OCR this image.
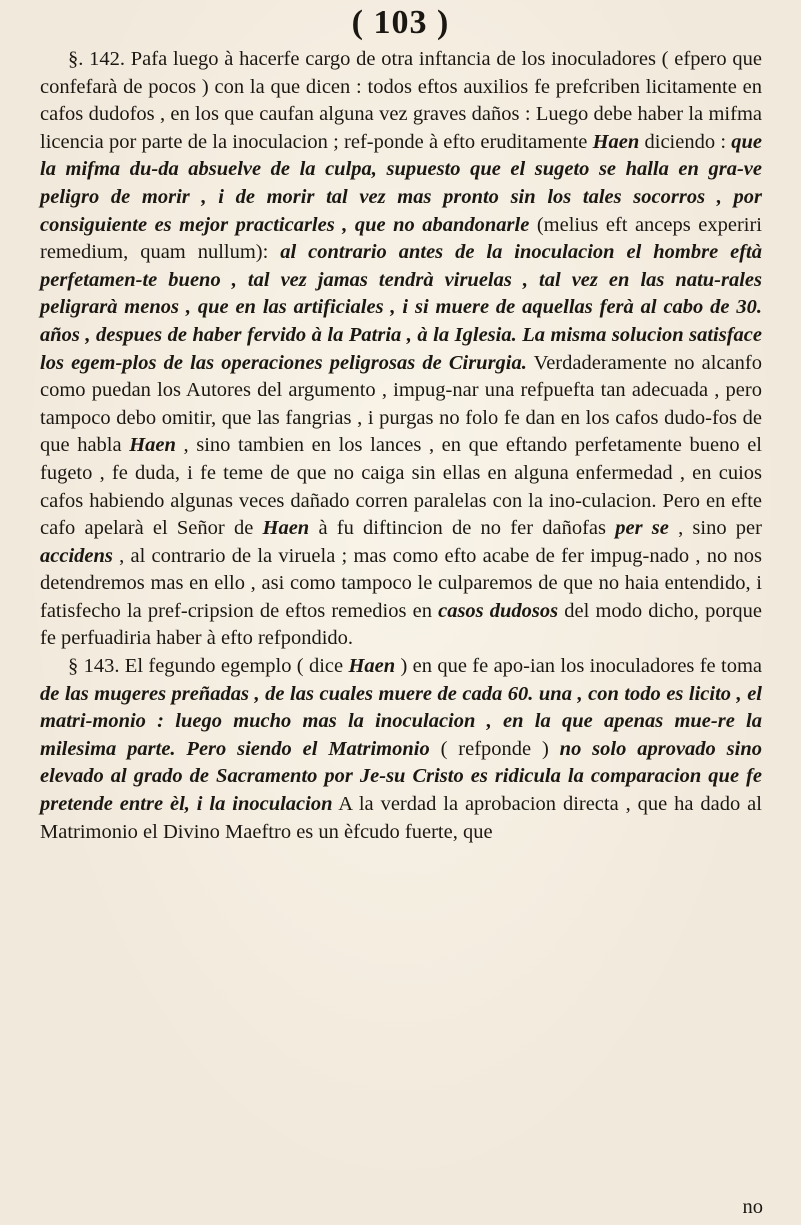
( 103 )

§. 142. Pafa luego à hacerfe cargo de otra inftancia de los inoculadores ( efpero que confefarà de pocos ) con la que dicen : todos eftos auxilios fe prefcriben licitamente en cafos dudofos , en los que caufan alguna vez graves daños : Luego debe haber la mifma licencia por parte de la inoculacion ; ref-ponde à efto eruditamente Haen diciendo : que la mifma du-da absuelve de la culpa, supuesto que el sugeto se halla en gra-ve peligro de morir , i de morir tal vez mas pronto sin los tales socorros , por consiguiente es mejor practicarles , que no abandonarle (melius eft anceps experiri remedium, quam nullum): al contrario antes de la inoculacion el hombre eftà perfetamen-te bueno , tal vez jamas tendrà viruelas , tal vez en las natu-rales peligrarà menos , que en las artificiales , i si muere de aquellas ferà al cabo de 30. años , despues de haber fervido à la Patria , à la Iglesia. La misma solucion satisface los egem-plos de las operaciones peligrosas de Cirurgia. Verdaderamente no alcanfo como puedan los Autores del argumento , impug-nar una refpuefta tan adecuada , pero tampoco debo omitir, que las fangrias , i purgas no folo fe dan en los cafos dudo-fos de que habla Haen , sino tambien en los lances , en que eftando perfetamente bueno el fugeto , fe duda, i fe teme de que no caiga sin ellas en alguna enfermedad , en cuios cafos habiendo algunas veces dañado corren paralelas con la ino-culacion. Pero en efte cafo apelarà el Señor de Haen à fu diftincion de no fer dañofas per se , sino per accidens , al contrario de la viruela ; mas como efto acabe de fer impug-nado , no nos detendremos mas en ello , asi como tampoco le culparemos de que no haia entendido, i fatisfecho la pref-cripsion de eftos remedios en casos dudosos del modo dicho, porque fe perfuadiria haber à efto refpondido.

§ 143. El fegundo egemplo ( dice Haen ) en que fe apo-ian los inoculadores fe toma de las mugeres preñadas , de las cuales muere de cada 60. una , con todo es licito , el matri-monio : luego mucho mas la inoculacion , en la que apenas mue-re la milesima parte. Pero siendo el Matrimonio ( refponde ) no solo aprovado sino elevado al grado de Sacramento por Je-su Cristo es ridicula la comparacion que fe pretende entre èl, i la inoculacion A la verdad la aprobacion directa , que ha dado al Matrimonio el Divino Maeftro es un èfcudo fuerte, que

no
